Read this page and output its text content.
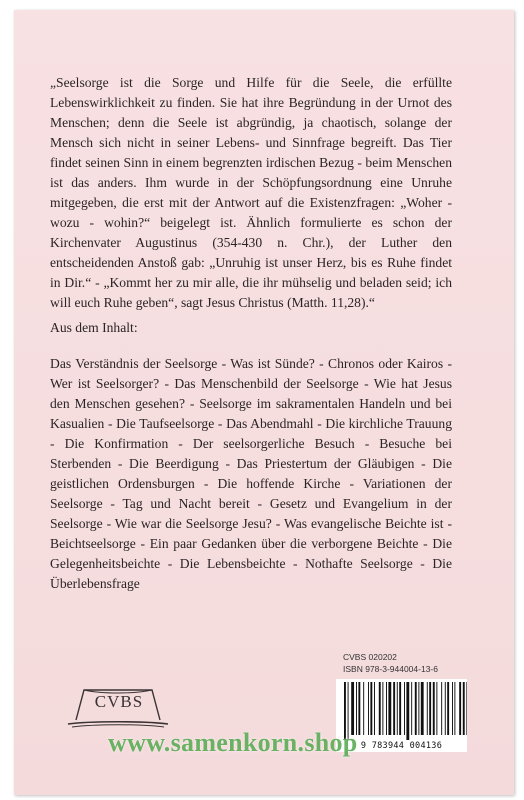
„Seelsorge ist die Sorge und Hilfe für die Seele, die erfüllte Lebenswirklichkeit zu finden. Sie hat ihre Begründung in der Urnot des Menschen; denn die Seele ist abgründig, ja chaotisch, solange der Mensch sich nicht in seiner Lebens- und Sinnfrage begreift. Das Tier findet seinen Sinn in einem begrenzten irdischen Bezug - beim Menschen ist das anders. Ihm wurde in der Schöpfungsordnung eine Unruhe mitgegeben, die erst mit der Antwort auf die Existenzfragen: „Woher - wozu - wohin?“ beigelegt ist. Ähnlich formulierte es schon der Kirchenvater Augustinus (354-430 n. Chr.), der Luther den entscheidenden Anstoß gab: „Unruhig ist unser Herz, bis es Ruhe findet in Dir.“ - „Kommt her zu mir alle, die ihr mühselig und beladen seid; ich will euch Ruhe geben“, sagt Jesus Christus (Matth. 11,28).“
Aus dem Inhalt:
Das Verständnis der Seelsorge - Was ist Sünde? - Chronos oder Kairos - Wer ist Seelsorger? - Das Menschenbild der Seelsorge - Wie hat Jesus den Menschen gesehen? - Seelsorge im sakramentalen Handeln und bei Kasualien - Die Taufseelsorge - Das Abendmahl - Die kirchliche Trauung - Die Konfirmation - Der seelsorgerliche Besuch - Besuche bei Sterbenden - Die Beerdigung - Das Priestertum der Gläubigen - Die geistlichen Ordensburgen - Die hoffende Kirche - Variationen der Seelsorge - Tag und Nacht bereit - Gesetz und Evangelium in der Seelsorge - Wie war die Seelsorge Jesu? - Was evangelische Beichte ist - Beichtseelsorge - Ein paar Gedanken über die verborgene Beichte - Die Gelegenheitsbeichte - Die Lebensbeichte - Nothafte Seelsorge - Die Überlebensfrage
CVBS 020202
ISBN 978-3-944004-13-6
9 783944 004136
CVBS
www.samenkorn.shop
